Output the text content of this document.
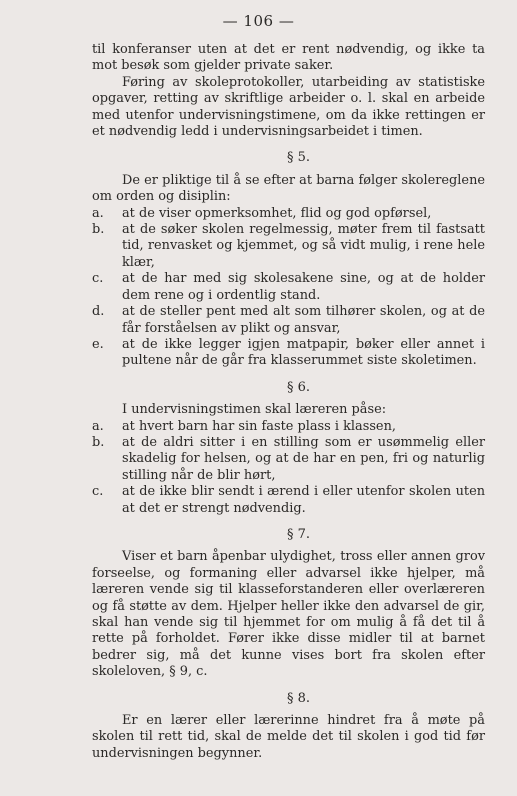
— 106 —

til konferanser uten at det er rent nødvendig, og ikke ta mot besøk som gjelder private saker.

Føring av skoleprotokoller, utarbeiding av statistiske opgaver, retting av skriftlige arbeider o. l. skal en arbeide med utenfor undervisningstimene, om da ikke rettingen er et nødvendig ledd i undervisningsarbeidet i timen.

§ 5.

De er pliktige til å se efter at barna følger skolereglene om orden og disiplin:

a. at de viser opmerksomhet, flid og god opførsel,
b. at de søker skolen regelmessig, møter frem til fastsatt tid, renvasket og kjemmet, og så vidt mulig, i rene hele klær,
c. at de har med sig skolesakene sine, og at de holder dem rene og i ordentlig stand.
d. at de steller pent med alt som tilhører skolen, og at de får forståelsen av plikt og ansvar,
e. at de ikke legger igjen matpapir, bøker eller annet i pultene når de går fra klasserummet siste skoletimen.
§ 6.

I undervisningstimen skal læreren påse:

a. at hvert barn har sin faste plass i klassen,
b. at de aldri sitter i en stilling som er usømmelig eller skadelig for helsen, og at de har en pen, fri og naturlig stilling når de blir hørt,
c. at de ikke blir sendt i ærend i eller utenfor skolen uten at det er strengt nødvendig.
§ 7.

Viser et barn åpenbar ulydighet, tross eller annen grov forseelse, og formaning eller advarsel ikke hjelper, må læreren vende sig til klasseforstanderen eller overlæreren og få støtte av dem. Hjelper heller ikke den advarsel de gir, skal han vende sig til hjemmet for om mulig å få det til å rette på forholdet. Fører ikke disse midler til at barnet bedrer sig, må det kunne vises bort fra skolen efter skoleloven, § 9, c.

§ 8.

Er en lærer eller lærerinne hindret fra å møte på skolen til rett tid, skal de melde det til skolen i god tid før undervisningen begynner.
